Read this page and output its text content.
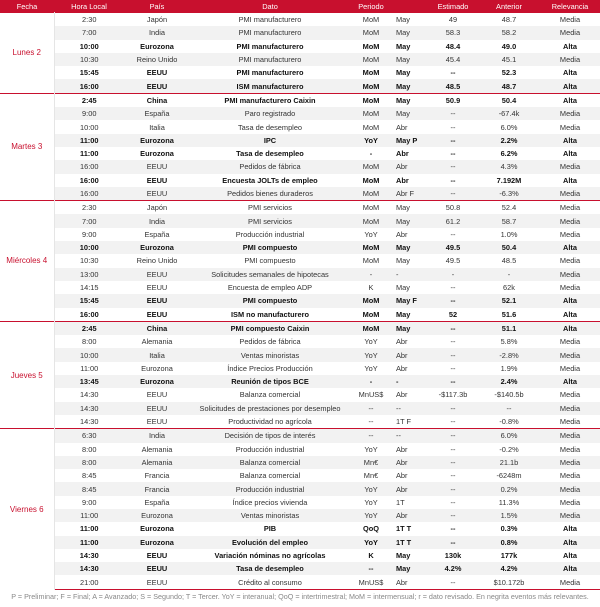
Fecha	Hora Local	País	Dato	Periodo		Estimado	Anterior	Relevancia
Lunes 2	2:30	Japón	PMI manufacturero	MoM	May	49	48.7	Media
	7:00	India	PMI manufacturero	MoM	May	58.3	58.2	Media
	10:00	Eurozona	PMI manufacturero	MoM	May	48.4	49.0	Alta
	10:30	Reino Unido	PMI manufacturero	MoM	May	45.4	45.1	Media
	15:45	EEUU	PMI manufacturero	MoM	May	--	52.3	Alta
	16:00	EEUU	ISM manufacturero	MoM	May	48.5	48.7	Alta
Martes 3	2:45	China	PMI manufacturero Caixin	MoM	May	50.9	50.4	Alta
	9:00	España	Paro registrado	MoM	May	--	-67.4k	Media
	10:00	Italia	Tasa de desempleo	MoM	Abr	--	6.0%	Media
	11:00	Eurozona	IPC	YoY	May P	--	2.2%	Alta
	11:00	Eurozona	Tasa de desempleo	-	Abr	--	6.2%	Alta
	16:00	EEUU	Pedidos de fábrica	MoM	Abr	--	4.3%	Media
	16:00	EEUU	Encuesta JOLTs de empleo	MoM	Abr	--	7.192M	Alta
	16:00	EEUU	Pedidos bienes duraderos	MoM	Abr F	--	-6.3%	Media
Miércoles 4	2:30	Japón	PMI servicios	MoM	May	50.8	52.4	Media
	7:00	India	PMI servicios	MoM	May	61.2	58.7	Media
	9:00	España	Producción industrial	YoY	Abr	--	1.0%	Media
	10:00	Eurozona	PMI compuesto	MoM	May	49.5	50.4	Alta
	10:30	Reino Unido	PMI compuesto	MoM	May	49.5	48.5	Media
	13:00	EEUU	Solicitudes semanales de hipotecas	-	-	-	-	Media
	14:15	EEUU	Encuesta de empleo ADP	K	May	--	62k	Media
	15:45	EEUU	PMI compuesto	MoM	May F	--	52.1	Alta
	16:00	EEUU	ISM no manufacturero	MoM	May	52	51.6	Alta
Jueves 5	2:45	China	PMI compuesto Caixin	MoM	May	--	51.1	Alta
	8:00	Alemania	Pedidos de fábrica	YoY	Abr	--	5.8%	Media
	10:00	Italia	Ventas minoristas	YoY	Abr	--	-2.8%	Media
	11:00	Eurozona	Índice Precios Producción	YoY	Abr	--	1.9%	Media
	13:45	Eurozona	Reunión de tipos BCE	-	-	--	2.4%	Alta
	14:30	EEUU	Balanza comercial	MnUS$	Abr	-$117.3b	-$140.5b	Media
	14:30	EEUU	Solicitudes de prestaciones por desempleo	--	--	--	--	Media
	14:30	EEUU	Productividad no agrícola	--	1T F	--	-0.8%	Media
Viernes 6	6:30	India	Decisión de tipos de interés	--	--	--	6.0%	Media
	8:00	Alemania	Producción industrial	YoY	Abr	--	-0.2%	Media
	8:00	Alemania	Balanza comercial	Mn€	Abr	--	21.1b	Media
	8:45	Francia	Balanza comercial	Mn€	Abr	--	-6248m	Media
	8:45	Francia	Producción industrial	YoY	Abr	--	0.2%	Media
	9:00	España	Índice precios vivienda	YoY	1T	--	11.3%	Media
	11:00	Eurozona	Ventas minoristas	YoY	Abr	--	1.5%	Media
	11:00	Eurozona	PIB	QoQ	1T T	--	0.3%	Alta
	11:00	Eurozona	Evolución del empleo	YoY	1T T	--	0.8%	Alta
	14:30	EEUU	Variación nóminas no agrícolas	K	May	130k	177k	Alta
	14:30	EEUU	Tasa de desempleo	--	May	4.2%	4.2%	Alta
	21:00	EEUU	Crédito al consumo	MnUS$	Abr	--	$10.172b	Media
P = Preliminar; F = Final; A = Avanzado; S = Segundo; T = Tercer. YoY = interanual; QoQ = intertrimestral; MoM = intermensual; r = dato revisado. En negrita eventos más relevantes.
